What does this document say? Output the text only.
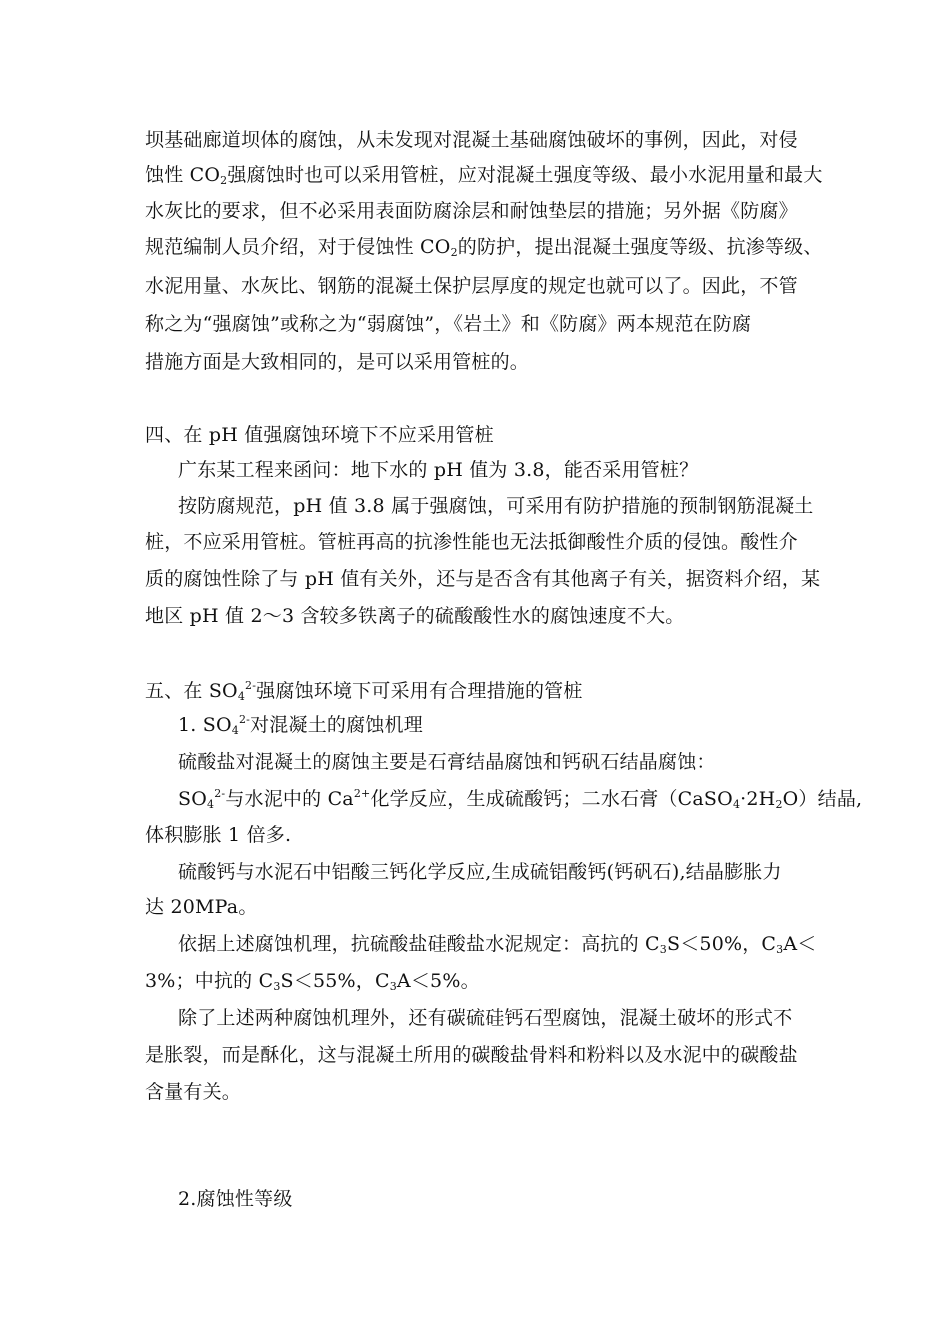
坝基础廊道坝体的腐蚀，从未发现对混凝土基础腐蚀破坏的事例，因此，对侵
蚀性 $CO_2$强腐蚀时也可以采用管桩，应对混凝土强度等级、最小水泥用量和最大
水灰比的要求，但不必采用表面防腐涂层和耐蚀垫层的措施；另外据《防腐》
规范编制人员介绍，对于侵蚀性 $CO_2$的防护，提出混凝土强度等级、抗渗等级、
水泥用量、水灰比、钢筋的混凝土保护层厚度的规定也就可以了。因此，不管
称之为“强腐蚀”或称之为“弱腐蚀”，《岩土》和《防腐》两本规范在防腐
措施方面是大致相同的，是可以采用管桩的。
四、在 pH 值强腐蚀环境下不应采用管桩
广东某工程来函问：地下水的 pH 值为 3.8，能否采用管桩？
按防腐规范，pH 值 3.8 属于强腐蚀，可采用有防护措施的预制钢筋混凝土
桩，不应采用管桩。管桩再高的抗渗性能也无法抵御酸性介质的侵蚀。酸性介
质的腐蚀性除了与 pH 值有关外，还与是否含有其他离子有关，据资料介绍，某
地区 pH 值 2～3 含较多铁离子的硫酸酸性水的腐蚀速度不大。
五、在 $SO_4^{2-}$强腐蚀环境下可采用有合理措施的管桩
1. $SO_4^{2-}$对混凝土的腐蚀机理
硫酸盐对混凝土的腐蚀主要是石膏结晶腐蚀和钙矾石结晶腐蚀：
$SO_4^{2-}$与水泥中的 $Ca^{2+}$化学反应，生成硫酸钙；二水石膏$(CaSO_4\cdot 2H_2O)$结晶,
体积膨胀 1 倍多.
硫酸钙与水泥石中铝酸三钙化学反应,生成硫铝酸钙(钙矾石),结晶膨胀力
达 20MPa。
依据上述腐蚀机理，抗硫酸盐硅酸盐水泥规定：高抗的 $C_3S<50\%$，$C_3A<$
3%；中抗的 $C_3S<55\%$，$C_3A<5\%$。
除了上述两种腐蚀机理外，还有碳硫硅钙石型腐蚀，混凝土破坏的形式不
是胀裂，而是酥化，这与混凝土所用的碳酸盐骨料和粉料以及水泥中的碳酸盐
含量有关。
2.腐蚀性等级
